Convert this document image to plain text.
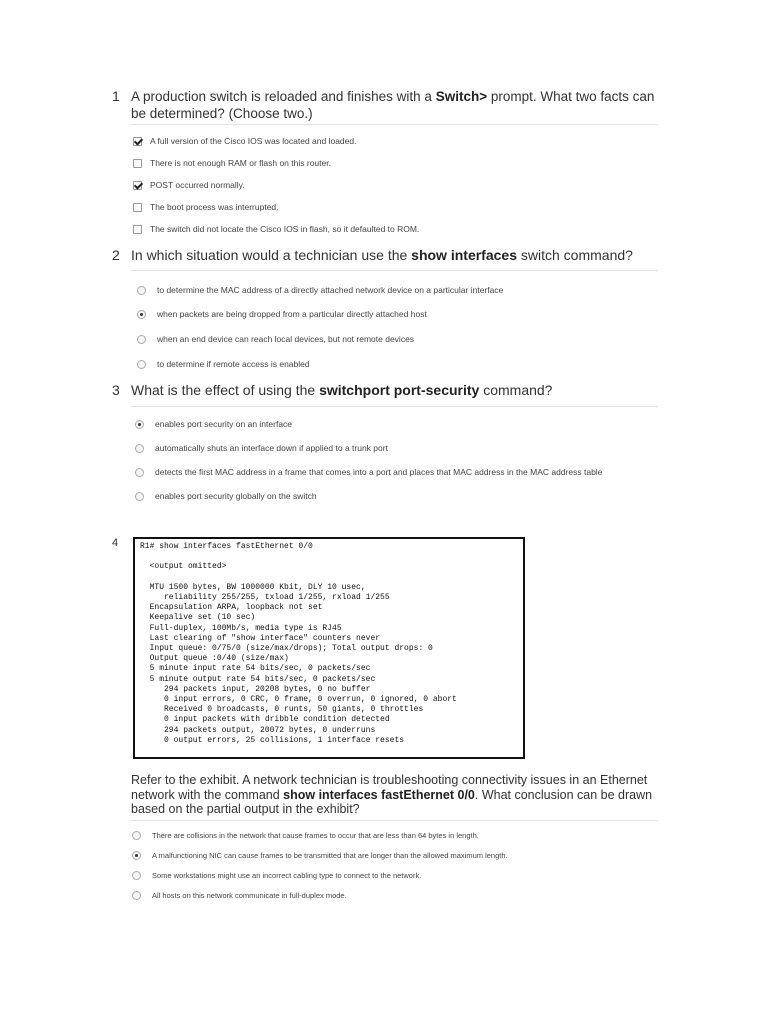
1 A production switch is reloaded and finishes with a Switch> prompt. What two facts can be determined? (Choose two.)
A full version of the Cisco IOS was located and loaded.
There is not enough RAM or flash on this router.
POST occurred normally.
The boot process was interrupted.
The switch did not locate the Cisco IOS in flash, so it defaulted to ROM.
2 In which situation would a technician use the show interfaces switch command?
to determine the MAC address of a directly attached network device on a particular interface
when packets are being dropped from a particular directly attached host
when an end device can reach local devices, but not remote devices
to determine if remote access is enabled
3 What is the effect of using the switchport port-security command?
enables port security on an interface
automatically shuts an interface down if applied to a trunk port
detects the first MAC address in a frame that comes into a port and places that MAC address in the MAC address table
enables port security globally on the switch
4	R1# show interfaces fastEthernet 0/0

<output omitted>

MTU 1500 bytes, BW 1000000 Kbit, DLY 10 usec,
reliability 255/255, txload 1/255, rxload 1/255
Encapsulation ARPA, loopback not set
Keepalive set (10 sec)
Full-duplex, 100Mb/s, media type is RJ45
Last clearing of "show interface" counters never
Input queue: 0/75/0 (size/max/drops); Total output drops: 0
Output queue :0/40 (size/max)
5 minute input rate 54 bits/sec, 0 packets/sec
5 minute output rate 54 bits/sec, 0 packets/sec
294 packets input, 20208 bytes, 0 no buffer
0 input errors, 0 CRC, 0 frame, 0 overrun, 0 ignored, 0 abort
Received 0 broadcasts, 0 runts, 50 giants, 0 throttles
0 input packets with dribble condition detected
294 packets output, 20072 bytes, 0 underruns
0 output errors, 25 collisions, 1 interface resets
Refer to the exhibit. A network technician is troubleshooting connectivity issues in an Ethernet network with the command show interfaces fastEthernet 0/0. What conclusion can be drawn based on the partial output in the exhibit?
There are collisions in the network that cause frames to occur that are less than 64 bytes in length.
A malfunctioning NIC can cause frames to be transmitted that are longer than the allowed maximum length.
Some workstations might use an incorrect cabling type to connect to the network.
All hosts on this network communicate in full-duplex mode.
